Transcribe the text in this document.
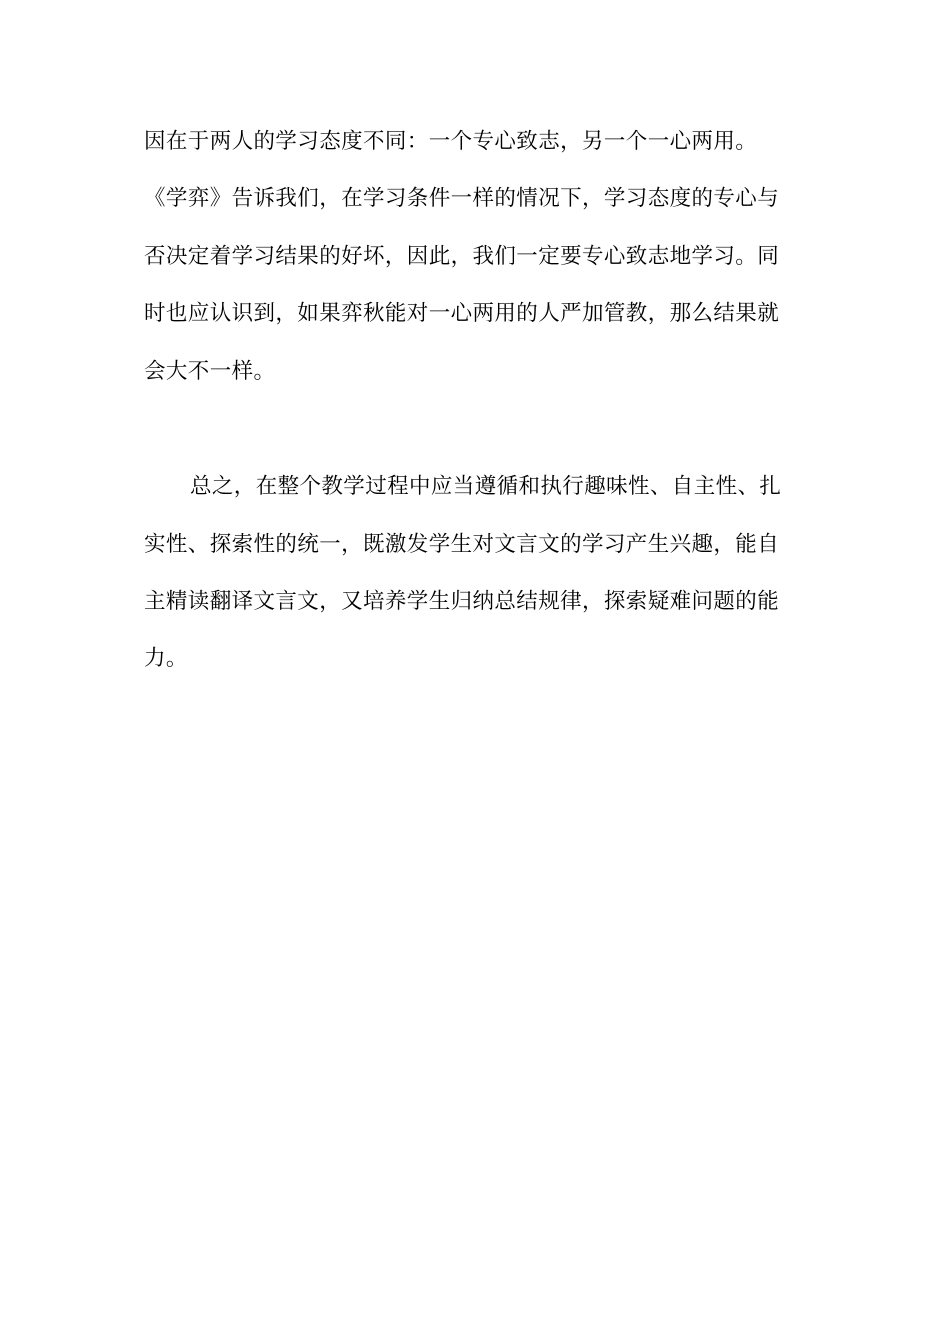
因在于两人的学习态度不同：一个专心致志，另一个一心两用。
《学弈》告诉我们，在学习条件一样的情况下，学习态度的专心与
否决定着学习结果的好坏，因此，我们一定要专心致志地学习。同
时也应认识到，如果弈秋能对一心两用的人严加管教，那么结果就
会大不一样。
总之，在整个教学过程中应当遵循和执行趣味性、自主性、扎
实性、探索性的统一，既激发学生对文言文的学习产生兴趣，能自
主精读翻译文言文，又培养学生归纳总结规律，探索疑难问题的能
力。
